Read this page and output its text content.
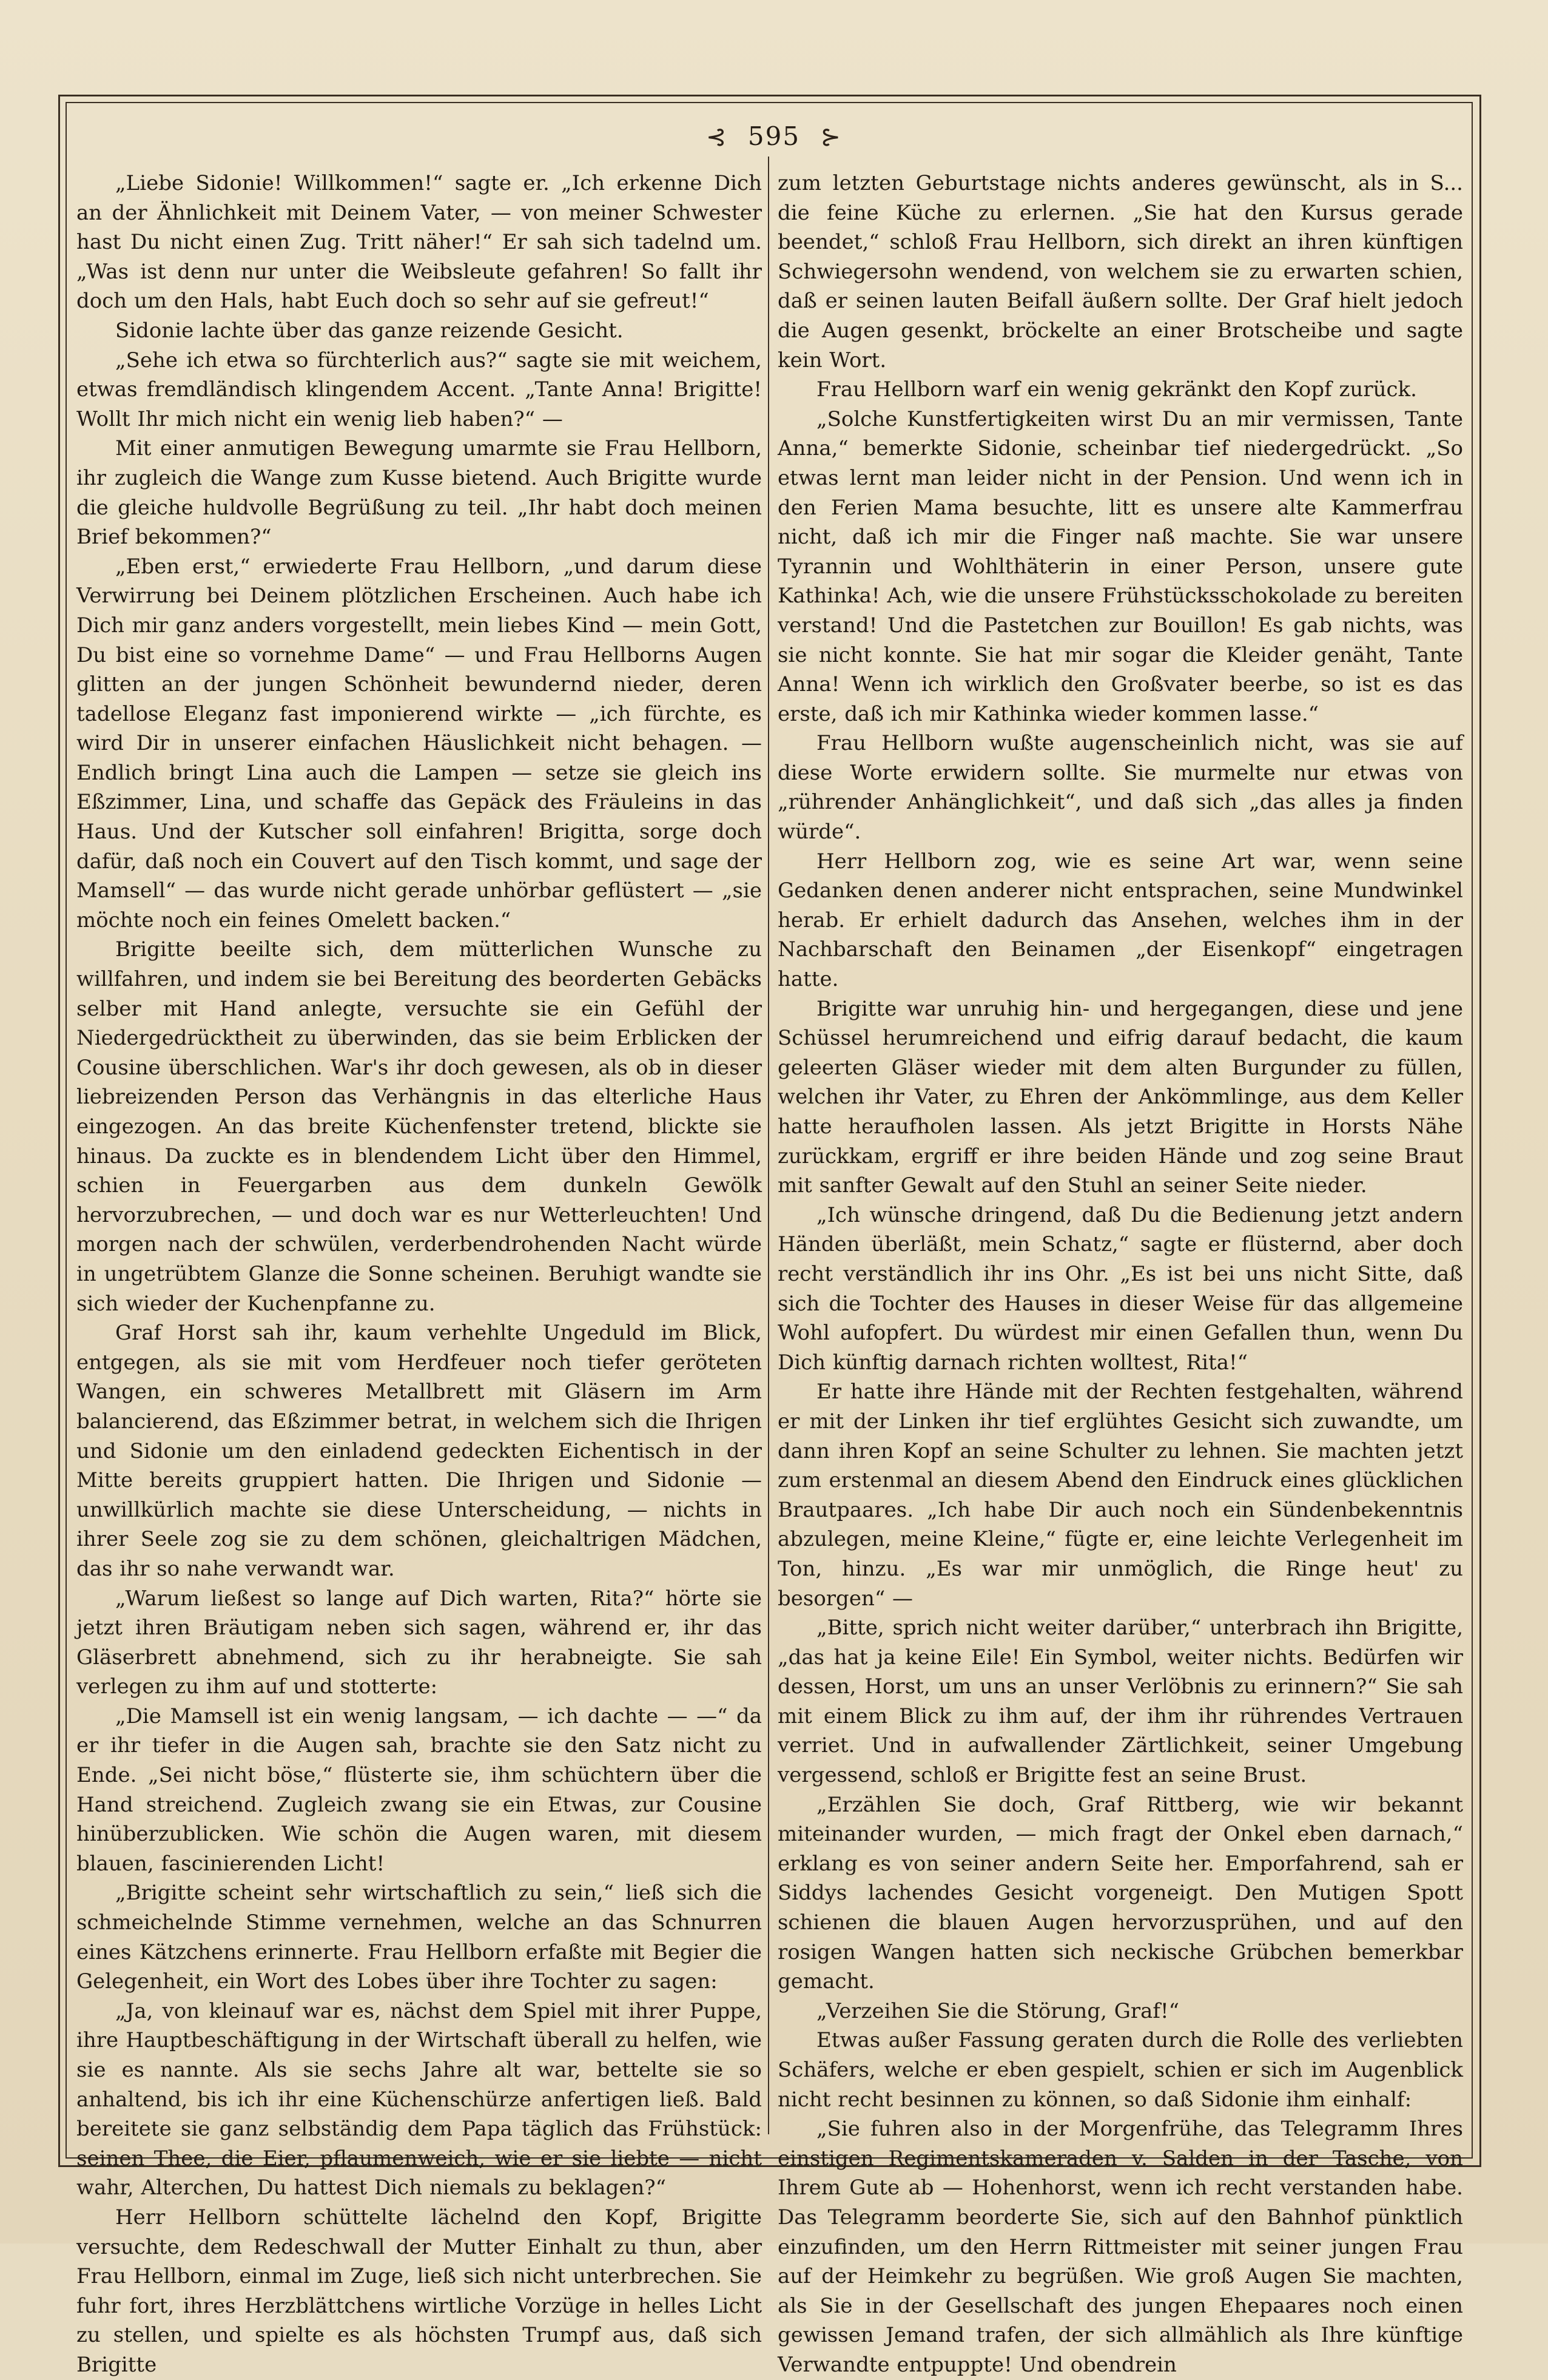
⊰ 595 ⊱

„Liebe Sidonie! Willkommen!“ sagte er. „Ich erkenne Dich an der Ähnlichkeit mit Deinem Vater, — von meiner Schwester hast Du nicht einen Zug. Tritt näher!“ Er sah sich tadelnd um. „Was ist denn nur unter die Weibsleute gefahren! So fallt ihr doch um den Hals, habt Euch doch so sehr auf sie gefreut!“

Sidonie lachte über das ganze reizende Gesicht.

„Sehe ich etwa so fürchterlich aus?“ sagte sie mit weichem, etwas fremdländisch klingendem Accent. „Tante Anna! Brigitte! Wollt Ihr mich nicht ein wenig lieb haben?“ —

Mit einer anmutigen Bewegung umarmte sie Frau Hellborn, ihr zugleich die Wange zum Kusse bietend. Auch Brigitte wurde die gleiche huldvolle Begrüßung zu teil. „Ihr habt doch meinen Brief bekommen?“

„Eben erst,“ erwiederte Frau Hellborn, „und darum diese Verwirrung bei Deinem plötzlichen Erscheinen. Auch habe ich Dich mir ganz anders vorgestellt, mein liebes Kind — mein Gott, Du bist eine so vornehme Dame“ — und Frau Hellborns Augen glitten an der jungen Schönheit bewundernd nieder, deren tadellose Eleganz fast imponierend wirkte — „ich fürchte, es wird Dir in unserer einfachen Häuslichkeit nicht behagen. — Endlich bringt Lina auch die Lampen — setze sie gleich ins Eßzimmer, Lina, und schaffe das Gepäck des Fräuleins in das Haus. Und der Kutscher soll einfahren! Brigitta, sorge doch dafür, daß noch ein Couvert auf den Tisch kommt, und sage der Mamsell“ — das wurde nicht gerade unhörbar geflüstert — „sie möchte noch ein feines Omelett backen.“

Brigitte beeilte sich, dem mütterlichen Wunsche zu willfahren, und indem sie bei Bereitung des beorderten Gebäcks selber mit Hand anlegte, versuchte sie ein Gefühl der Niedergedrücktheit zu überwinden, das sie beim Erblicken der Cousine überschlichen. War's ihr doch gewesen, als ob in dieser liebreizenden Person das Verhängnis in das elterliche Haus eingezogen. An das breite Küchenfenster tretend, blickte sie hinaus. Da zuckte es in blendendem Licht über den Himmel, schien in Feuergarben aus dem dunkeln Gewölk hervorzubrechen, — und doch war es nur Wetterleuchten! Und morgen nach der schwülen, verderbendrohenden Nacht würde in ungetrübtem Glanze die Sonne scheinen. Beruhigt wandte sie sich wieder der Kuchenpfanne zu.

Graf Horst sah ihr, kaum verhehlte Ungeduld im Blick, entgegen, als sie mit vom Herdfeuer noch tiefer geröteten Wangen, ein schweres Metallbrett mit Gläsern im Arm balancierend, das Eßzimmer betrat, in welchem sich die Ihrigen und Sidonie um den einladend gedeckten Eichentisch in der Mitte bereits gruppiert hatten. Die Ihrigen und Sidonie — unwillkürlich machte sie diese Unterscheidung, — nichts in ihrer Seele zog sie zu dem schönen, gleichaltrigen Mädchen, das ihr so nahe verwandt war.

„Warum ließest so lange auf Dich warten, Rita?“ hörte sie jetzt ihren Bräutigam neben sich sagen, während er, ihr das Gläserbrett abnehmend, sich zu ihr herabneigte. Sie sah verlegen zu ihm auf und stotterte:

„Die Mamsell ist ein wenig langsam, — ich dachte — —“ da er ihr tiefer in die Augen sah, brachte sie den Satz nicht zu Ende. „Sei nicht böse,“ flüsterte sie, ihm schüchtern über die Hand streichend. Zugleich zwang sie ein Etwas, zur Cousine hinüberzublicken. Wie schön die Augen waren, mit diesem blauen, fascinierenden Licht!

„Brigitte scheint sehr wirtschaftlich zu sein,“ ließ sich die schmeichelnde Stimme vernehmen, welche an das Schnurren eines Kätzchens erinnerte. Frau Hellborn erfaßte mit Begier die Gelegenheit, ein Wort des Lobes über ihre Tochter zu sagen:

„Ja, von kleinauf war es, nächst dem Spiel mit ihrer Puppe, ihre Hauptbeschäftigung in der Wirtschaft überall zu helfen, wie sie es nannte. Als sie sechs Jahre alt war, bettelte sie so anhaltend, bis ich ihr eine Küchenschürze anfertigen ließ. Bald bereitete sie ganz selbständig dem Papa täglich das Frühstück: seinen Thee, die Eier, pflaumenweich, wie er sie liebte — nicht wahr, Alterchen, Du hattest Dich niemals zu beklagen?“

Herr Hellborn schüttelte lächelnd den Kopf, Brigitte versuchte, dem Redeschwall der Mutter Einhalt zu thun, aber Frau Hellborn, einmal im Zuge, ließ sich nicht unterbrechen. Sie fuhr fort, ihres Herzblättchens wirtliche Vorzüge in helles Licht zu stellen, und spielte es als höchsten Trumpf aus, daß sich Brigitte

zum letzten Geburtstage nichts anderes gewünscht, als in S... die feine Küche zu erlernen. „Sie hat den Kursus gerade beendet,“ schloß Frau Hellborn, sich direkt an ihren künftigen Schwiegersohn wendend, von welchem sie zu erwarten schien, daß er seinen lauten Beifall äußern sollte. Der Graf hielt jedoch die Augen gesenkt, bröckelte an einer Brotscheibe und sagte kein Wort.

Frau Hellborn warf ein wenig gekränkt den Kopf zurück.

„Solche Kunstfertigkeiten wirst Du an mir vermissen, Tante Anna,“ bemerkte Sidonie, scheinbar tief niedergedrückt. „So etwas lernt man leider nicht in der Pension. Und wenn ich in den Ferien Mama besuchte, litt es unsere alte Kammerfrau nicht, daß ich mir die Finger naß machte. Sie war unsere Tyrannin und Wohlthäterin in einer Person, unsere gute Kathinka! Ach, wie die unsere Frühstücksschokolade zu bereiten verstand! Und die Pastetchen zur Bouillon! Es gab nichts, was sie nicht konnte. Sie hat mir sogar die Kleider genäht, Tante Anna! Wenn ich wirklich den Großvater beerbe, so ist es das erste, daß ich mir Kathinka wieder kommen lasse.“

Frau Hellborn wußte augenscheinlich nicht, was sie auf diese Worte erwidern sollte. Sie murmelte nur etwas von „rührender Anhänglichkeit“, und daß sich „das alles ja finden würde“.

Herr Hellborn zog, wie es seine Art war, wenn seine Gedanken denen anderer nicht entsprachen, seine Mundwinkel herab. Er erhielt dadurch das Ansehen, welches ihm in der Nachbarschaft den Beinamen „der Eisenkopf“ eingetragen hatte.

Brigitte war unruhig hin- und hergegangen, diese und jene Schüssel herumreichend und eifrig darauf bedacht, die kaum geleerten Gläser wieder mit dem alten Burgunder zu füllen, welchen ihr Vater, zu Ehren der Ankömmlinge, aus dem Keller hatte heraufholen lassen. Als jetzt Brigitte in Horsts Nähe zurückkam, ergriff er ihre beiden Hände und zog seine Braut mit sanfter Gewalt auf den Stuhl an seiner Seite nieder.

„Ich wünsche dringend, daß Du die Bedienung jetzt andern Händen überläßt, mein Schatz,“ sagte er flüsternd, aber doch recht verständlich ihr ins Ohr. „Es ist bei uns nicht Sitte, daß sich die Tochter des Hauses in dieser Weise für das allgemeine Wohl aufopfert. Du würdest mir einen Gefallen thun, wenn Du Dich künftig darnach richten wolltest, Rita!“

Er hatte ihre Hände mit der Rechten festgehalten, während er mit der Linken ihr tief erglühtes Gesicht sich zuwandte, um dann ihren Kopf an seine Schulter zu lehnen. Sie machten jetzt zum erstenmal an diesem Abend den Eindruck eines glücklichen Brautpaares. „Ich habe Dir auch noch ein Sündenbekenntnis abzulegen, meine Kleine,“ fügte er, eine leichte Verlegenheit im Ton, hinzu. „Es war mir unmöglich, die Ringe heut' zu besorgen“ —

„Bitte, sprich nicht weiter darüber,“ unterbrach ihn Brigitte, „das hat ja keine Eile! Ein Symbol, weiter nichts. Bedürfen wir dessen, Horst, um uns an unser Verlöbnis zu erinnern?“ Sie sah mit einem Blick zu ihm auf, der ihm ihr rührendes Vertrauen verriet. Und in aufwallender Zärtlichkeit, seiner Umgebung vergessend, schloß er Brigitte fest an seine Brust.

„Erzählen Sie doch, Graf Rittberg, wie wir bekannt miteinander wurden, — mich fragt der Onkel eben darnach,“ erklang es von seiner andern Seite her. Emporfahrend, sah er Siddys lachendes Gesicht vorgeneigt. Den Mutigen Spott schienen die blauen Augen hervorzusprühen, und auf den rosigen Wangen hatten sich neckische Grübchen bemerkbar gemacht.

„Verzeihen Sie die Störung, Graf!“

Etwas außer Fassung geraten durch die Rolle des verliebten Schäfers, welche er eben gespielt, schien er sich im Augenblick nicht recht besinnen zu können, so daß Sidonie ihm einhalf:

„Sie fuhren also in der Morgenfrühe, das Telegramm Ihres einstigen Regimentskameraden v. Salden in der Tasche, von Ihrem Gute ab — Hohenhorst, wenn ich recht verstanden habe. Das Telegramm beorderte Sie, sich auf den Bahnhof pünktlich einzufinden, um den Herrn Rittmeister mit seiner jungen Frau auf der Heimkehr zu begrüßen. Wie groß Augen Sie machten, als Sie in der Gesellschaft des jungen Ehepaares noch einen gewissen Jemand trafen, der sich allmählich als Ihre künftige Verwandte entpuppte! Und obendrein
